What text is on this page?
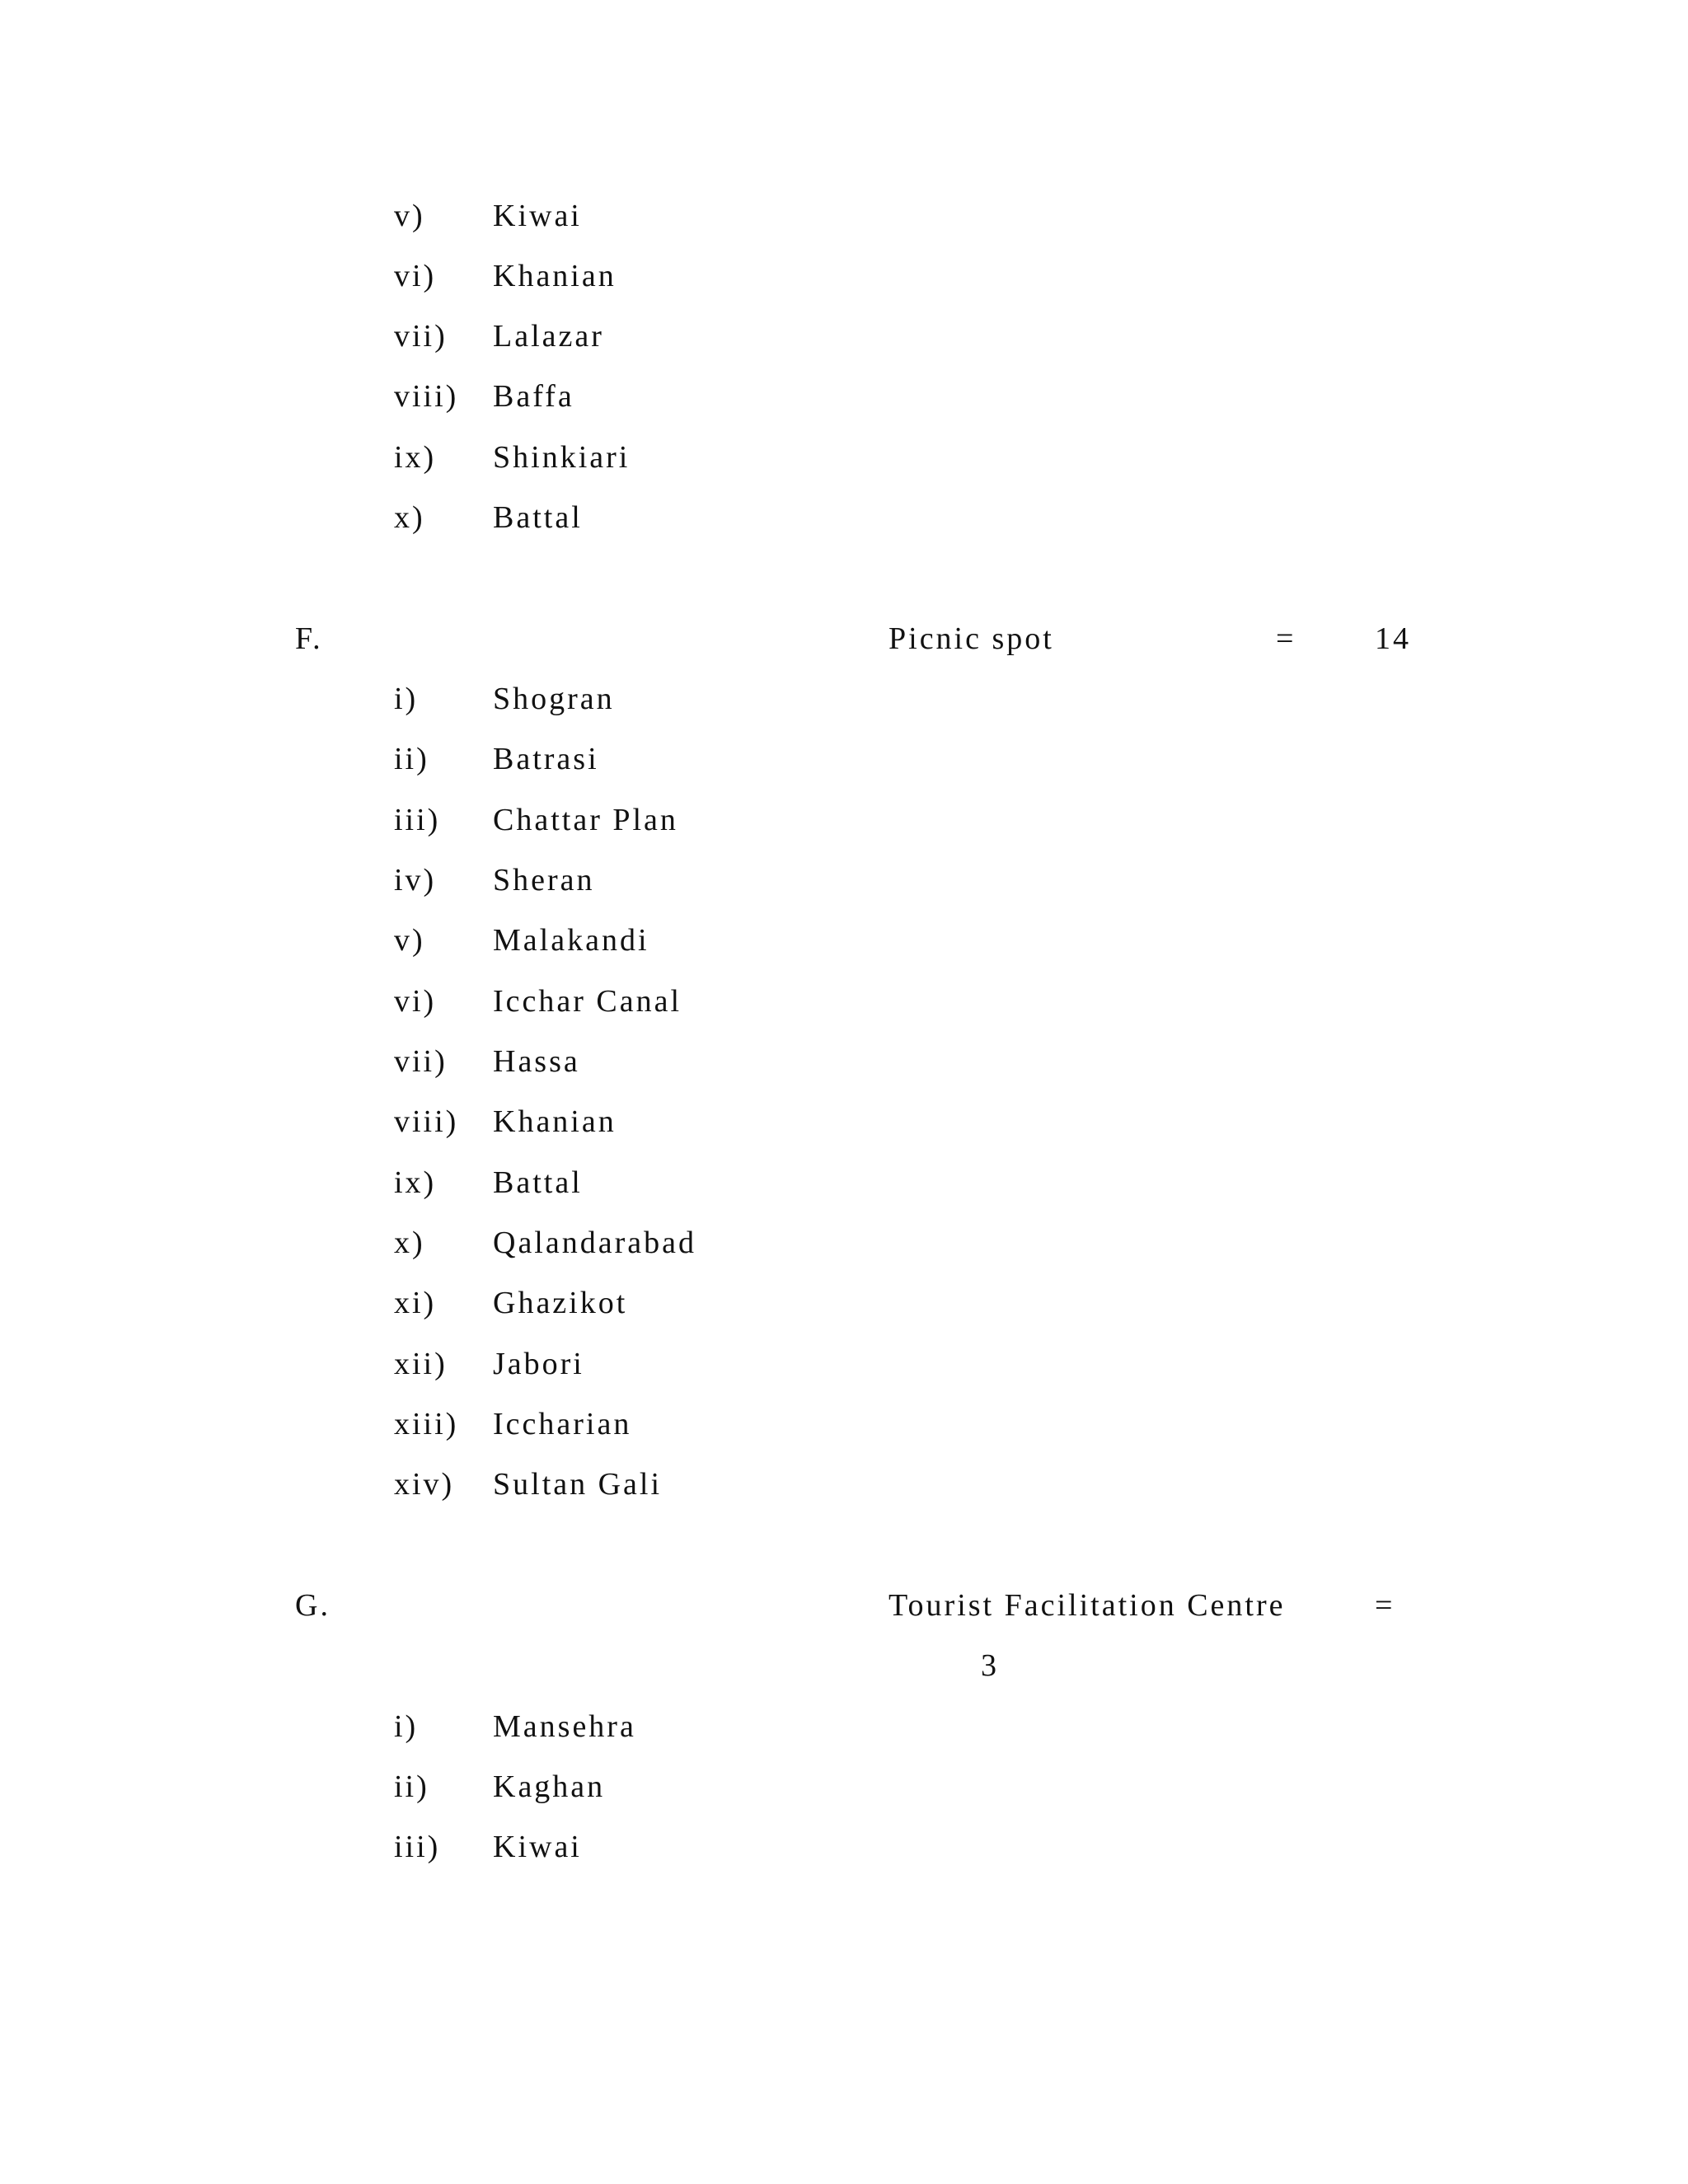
v) Kiwai
vi) Khanian
vii) Lalazar
viii) Baffa
ix) Shinkiari
x) Battal
F.	Picnic spot	=	14
i) Shogran
ii) Batrasi
iii) Chattar Plan
iv) Sheran
v) Malakandi
vi) Icchar Canal
vii) Hassa
viii) Khanian
ix) Battal
x) Qalandarabad
xi) Ghazikot
xii) Jabori
xiii) Iccharian
xiv) Sultan Gali
G.	Tourist Facilitation Centre	=
3
i) Mansehra
ii) Kaghan
iii) Kiwai
